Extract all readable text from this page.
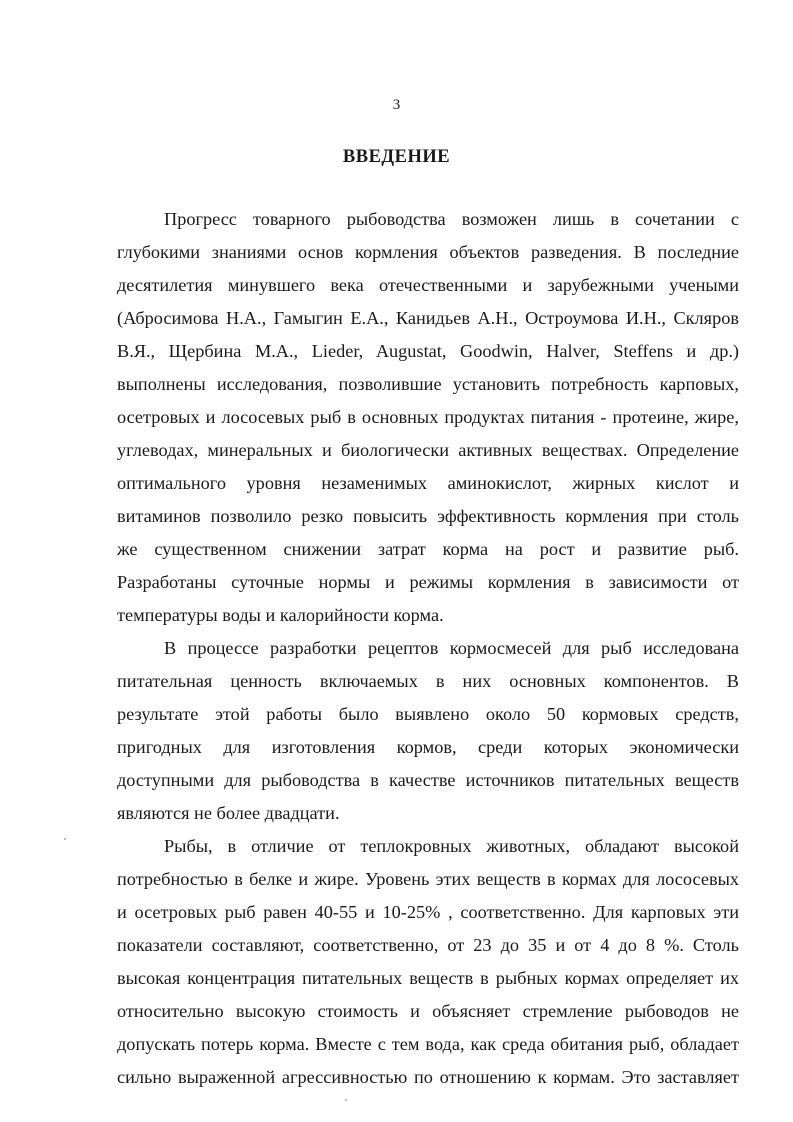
3
ВВЕДЕНИЕ
Прогресс товарного рыбоводства возможен лишь в сочетании с
глубокими знаниями основ кормления объектов разведения. В последние
десятилетия минувшего века отечественными и зарубежными учеными
(Абросимова Н.А., Гамыгин Е.А., Канидьев А.Н., Остроумова И.Н., Скляров
В.Я., Щербина М.А., Lieder, Augustat, Goodwin, Halver, Steffens и др.)
выполнены исследования, позволившие установить потребность карповых,
осетровых и лососевых рыб в основных продуктах питания - протеине, жире,
углеводах, минеральных и биологически активных веществах. Определение
оптимального уровня незаменимых аминокислот, жирных кислот и
витаминов позволило резко повысить эффективность кормления при столь
же существенном снижении затрат корма на рост и развитие рыб.
Разработаны суточные нормы и режимы кормления в зависимости от
температуры воды и калорийности корма.
В процессе разработки рецептов кормосмесей для рыб исследована
питательная ценность включаемых в них основных компонентов. В
результате этой работы было выявлено около 50 кормовых средств,
пригодных для изготовления кормов, среди которых экономически
доступными для рыбоводства в качестве источников питательных веществ
являются не более двадцати.
Рыбы, в отличие от теплокровных животных, обладают высокой
потребностью в белке и жире. Уровень этих веществ в кормах для лососевых
и осетровых рыб равен 40-55 и 10-25% , соответственно. Для карповых эти
показатели составляют, соответственно, от 23 до 35 и от 4 до 8 %. Столь
высокая концентрация питательных веществ в рыбных кормах определяет их
относительно высокую стоимость и объясняет стремление рыбоводов не
допускать потерь корма. Вместе с тем вода, как среда обитания рыб, обладает
сильно выраженной агрессивностью по отношению к кормам. Это заставляет
